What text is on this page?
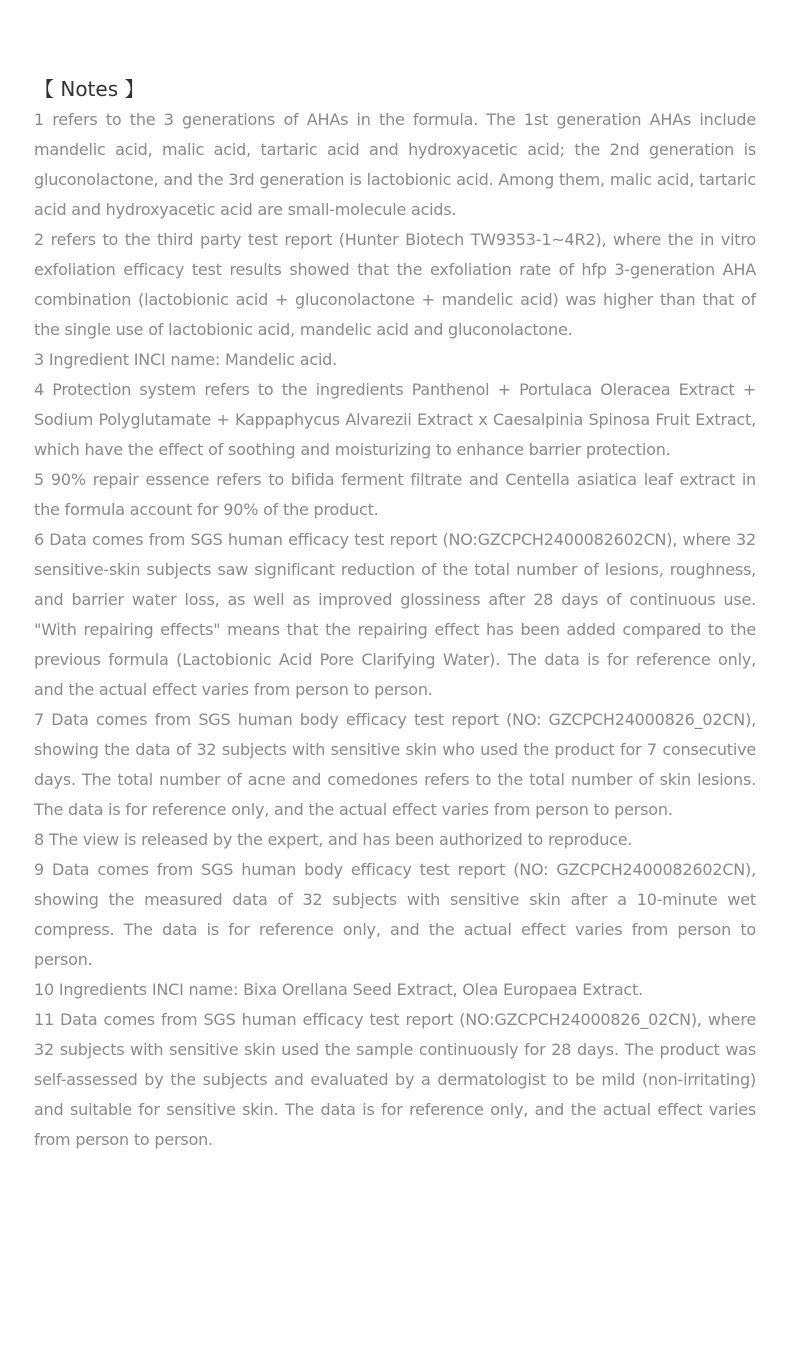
【 Notes 】

1 refers to the 3 generations of AHAs in the formula. The 1st generation AHAs include mandelic acid, malic acid, tartaric acid and hydroxyacetic acid; the 2nd generation is gluconolactone, and the 3rd generation is lactobionic acid. Among them, malic acid, tartaric acid and hydroxyacetic acid are small-molecule acids.

2 refers to the third party test report (Hunter Biotech TW9353-1~4R2), where the in vitro exfoliation efficacy test results showed that the exfoliation rate of hfp 3-generation AHA combination (lactobionic acid + gluconolactone + mandelic acid) was higher than that of the single use of lactobionic acid, mandelic acid and gluconolactone.

3 Ingredient INCI name: Mandelic acid.

4 Protection system refers to the ingredients Panthenol + Portulaca Oleracea Extract + Sodium Polyglutamate + Kappaphycus Alvarezii Extract x Caesalpinia Spinosa Fruit Extract, which have the effect of soothing and moisturizing to enhance barrier protection.

5 90% repair essence refers to bifida ferment filtrate and Centella asiatica leaf extract in the formula account for 90% of the product.

6 Data comes from SGS human efficacy test report (NO:GZCPCH2400082602CN), where 32 sensitive-skin subjects saw significant reduction of the total number of lesions, roughness, and barrier water loss, as well as improved glossiness after 28 days of continuous use. "With repairing effects" means that the repairing effect has been added compared to the previous formula (Lactobionic Acid Pore Clarifying Water). The data is for reference only, and the actual effect varies from person to person.

7 Data comes from SGS human body efficacy test report (NO: GZCPCH24000826_02CN), showing the data of 32 subjects with sensitive skin who used the product for 7 consecutive days. The total number of acne and comedones refers to the total number of skin lesions. The data is for reference only, and the actual effect varies from person to person.

8 The view is released by the expert, and has been authorized to reproduce.

9 Data comes from SGS human body efficacy test report (NO: GZCPCH2400082602CN), showing the measured data of 32 subjects with sensitive skin after a 10-minute wet compress. The data is for reference only, and the actual effect varies from person to person.

10 Ingredients INCI name: Bixa Orellana Seed Extract, Olea Europaea Extract.

11 Data comes from SGS human efficacy test report (NO:GZCPCH24000826_02CN), where 32 subjects with sensitive skin used the sample continuously for 28 days. The product was self-assessed by the subjects and evaluated by a dermatologist to be mild (non-irritating) and suitable for sensitive skin. The data is for reference only, and the actual effect varies from person to person.
